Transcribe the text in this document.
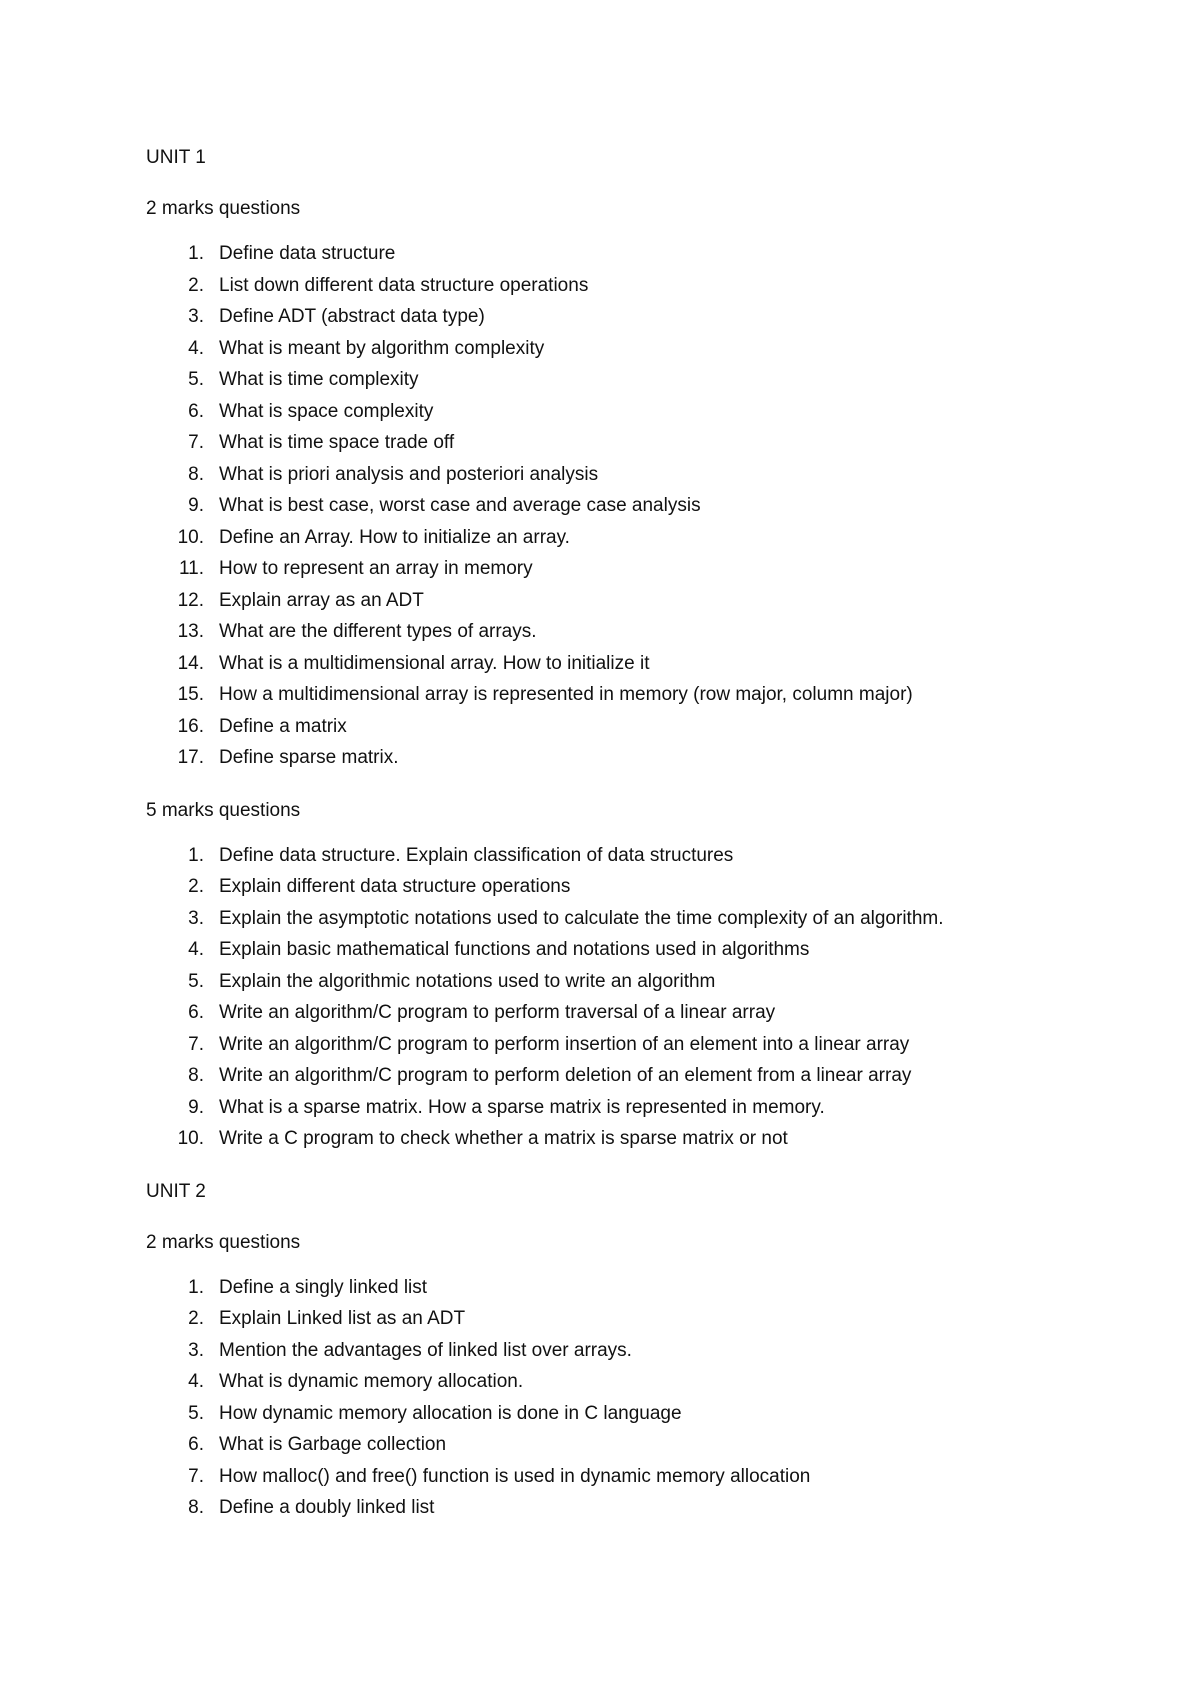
UNIT 1

2 marks questions

1. Define data structure
2. List down different data structure operations
3. Define ADT (abstract data type)
4. What is meant by algorithm complexity
5. What is time complexity
6. What is space complexity
7. What is time space trade off
8. What is priori analysis and posteriori analysis
9. What is best case, worst case and average case analysis
10. Define an Array. How to initialize an array.
11. How to represent an array in memory
12. Explain array as an ADT
13. What are the different types of arrays.
14. What is a multidimensional array. How to initialize it
15. How a multidimensional array is represented in memory (row major, column major)
16. Define a matrix
17. Define sparse matrix.

5 marks questions

1. Define data structure. Explain classification of data structures
2. Explain different data structure operations
3. Explain the asymptotic notations used to calculate the time complexity of an algorithm.
4. Explain basic mathematical functions and notations used in algorithms
5. Explain the algorithmic notations used to write an algorithm
6. Write an algorithm/C program to perform traversal of a linear array
7. Write an algorithm/C program to perform insertion of an element into a linear array
8. Write an algorithm/C program to perform deletion of an element from a linear array
9. What is a sparse matrix. How a sparse matrix is represented in memory.
10. Write a C program to check whether a matrix is sparse matrix or not

UNIT 2

2 marks questions

1. Define a singly linked list
2. Explain Linked list as an ADT
3. Mention the advantages of linked list over arrays.
4. What is dynamic memory allocation.
5. How dynamic memory allocation is done in C language
6. What is Garbage collection
7. How malloc() and free() function is used in dynamic memory allocation
8. Define a doubly linked list
